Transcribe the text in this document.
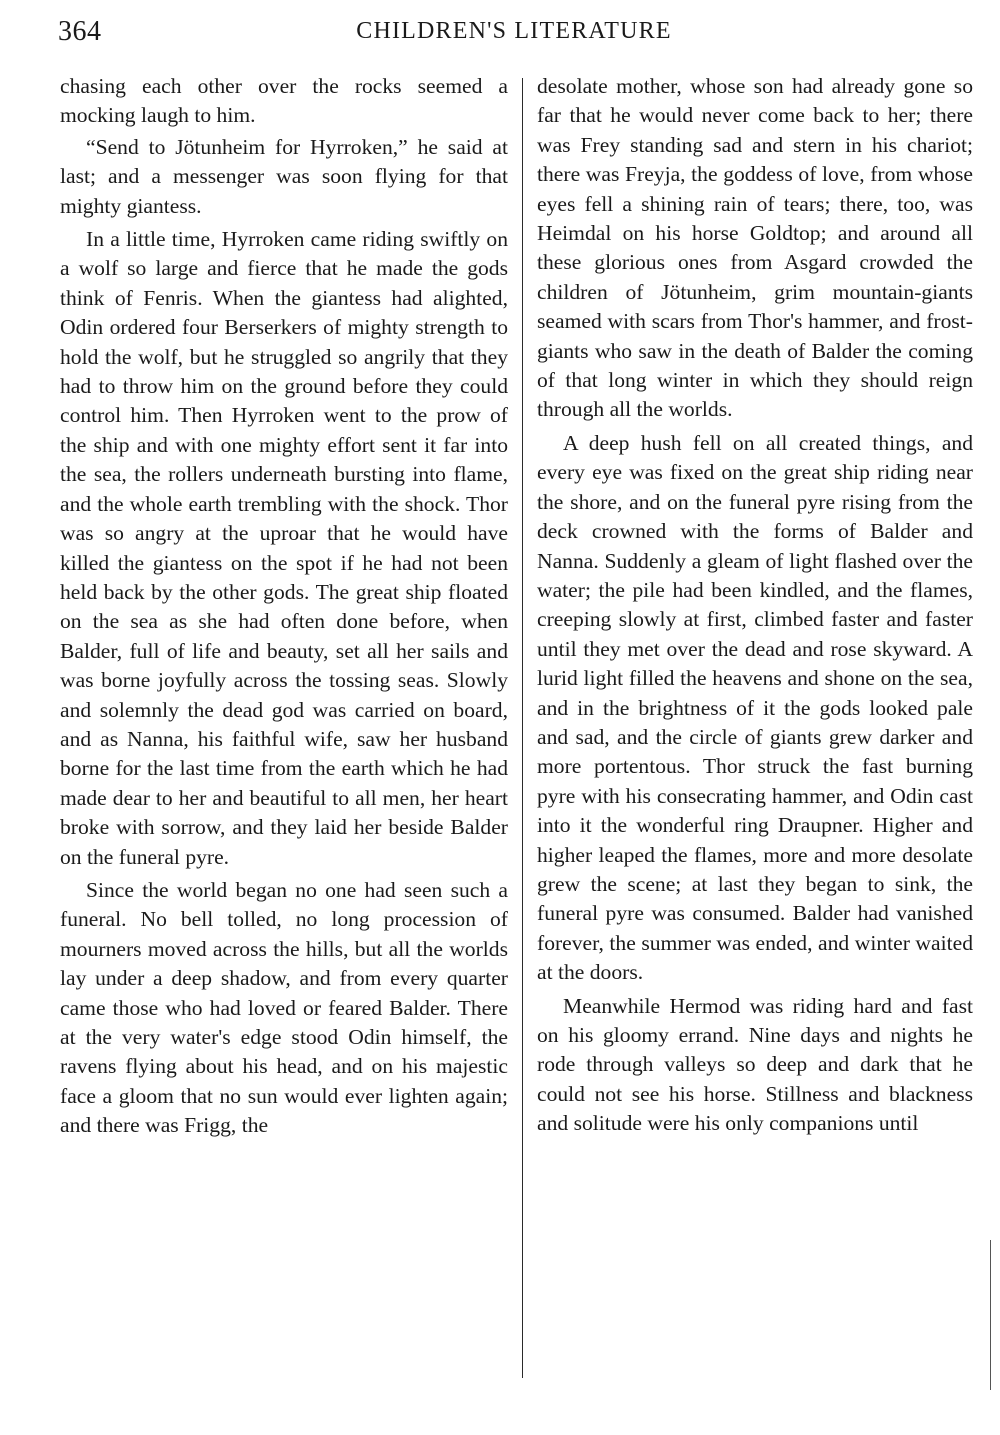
364	CHILDREN'S LITERATURE

chasing each other over the rocks seemed a mocking laugh to him.

“Send to Jötunheim for Hyrroken,” he said at last; and a messenger was soon flying for that mighty giantess.

In a little time, Hyrroken came riding swiftly on a wolf so large and fierce that he made the gods think of Fenris. When the giantess had alighted, Odin ordered four Berserkers of mighty strength to hold the wolf, but he struggled so angrily that they had to throw him on the ground before they could control him. Then Hyrroken went to the prow of the ship and with one mighty effort sent it far into the sea, the rollers underneath bursting into flame, and the whole earth trembling with the shock. Thor was so angry at the uproar that he would have killed the giantess on the spot if he had not been held back by the other gods. The great ship floated on the sea as she had often done before, when Balder, full of life and beauty, set all her sails and was borne joyfully across the tossing seas. Slowly and solemnly the dead god was carried on board, and as Nanna, his faithful wife, saw her husband borne for the last time from the earth which he had made dear to her and beautiful to all men, her heart broke with sorrow, and they laid her beside Balder on the funeral pyre.

Since the world began no one had seen such a funeral. No bell tolled, no long procession of mourners moved across the hills, but all the worlds lay under a deep shadow, and from every quarter came those who had loved or feared Balder. There at the very water's edge stood Odin himself, the ravens flying about his head, and on his majestic face a gloom that no sun would ever lighten again; and there was Frigg, the

desolate mother, whose son had already gone so far that he would never come back to her; there was Frey standing sad and stern in his chariot; there was Freyja, the goddess of love, from whose eyes fell a shining rain of tears; there, too, was Heimdal on his horse Goldtop; and around all these glorious ones from Asgard crowded the children of Jötunheim, grim mountain-giants seamed with scars from Thor's hammer, and frost-giants who saw in the death of Balder the coming of that long winter in which they should reign through all the worlds.

A deep hush fell on all created things, and every eye was fixed on the great ship riding near the shore, and on the funeral pyre rising from the deck crowned with the forms of Balder and Nanna. Suddenly a gleam of light flashed over the water; the pile had been kindled, and the flames, creeping slowly at first, climbed faster and faster until they met over the dead and rose skyward. A lurid light filled the heavens and shone on the sea, and in the brightness of it the gods looked pale and sad, and the circle of giants grew darker and more portentous. Thor struck the fast burning pyre with his consecrating hammer, and Odin cast into it the wonderful ring Draupner. Higher and higher leaped the flames, more and more desolate grew the scene; at last they began to sink, the funeral pyre was consumed. Balder had vanished forever, the summer was ended, and winter waited at the doors.

Meanwhile Hermod was riding hard and fast on his gloomy errand. Nine days and nights he rode through valleys so deep and dark that he could not see his horse. Stillness and blackness and solitude were his only companions until
